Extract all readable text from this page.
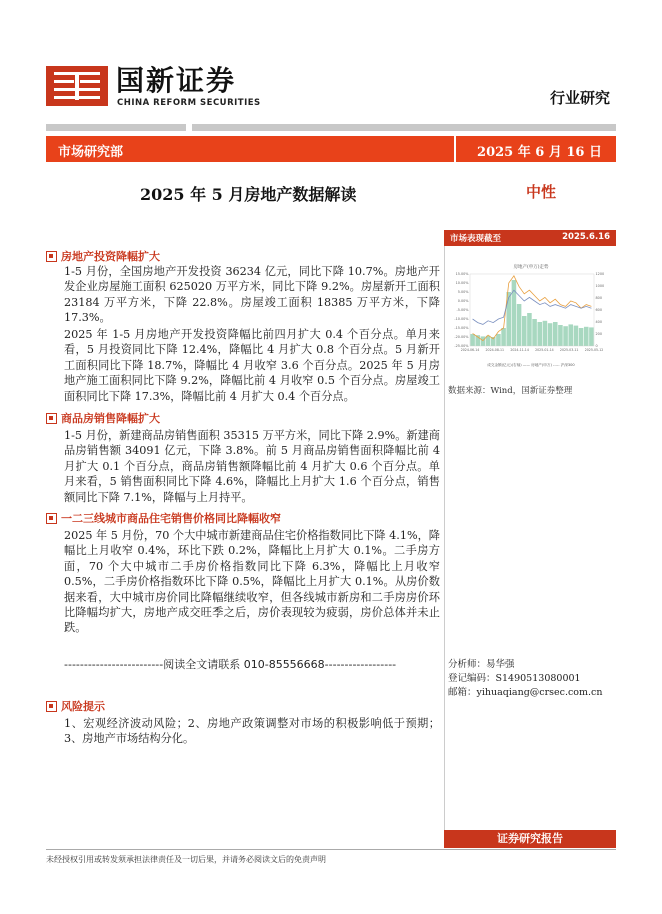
国新证券
CHINA REFORM SECURITIES	行业研究
市场研究部	2025 年 6 月 16 日
2025 年 5 月房地产数据解读	中性
房地产投资降幅扩大
1-5 月份，全国房地产开发投资 36234 亿元，同比下降 10.7%。房地产开发企业房屋施工面积 625020 万平方米，同比下降 9.2%。房屋新开工面积 23184 万平方米，下降 22.8%。房屋竣工面积 18385 万平方米，下降 17.3%。
2025 年 1-5 月房地产开发投资降幅比前四月扩大 0.4 个百分点。单月来看，5 月投资同比下降 12.4%，降幅比 4 月扩大 0.8 个百分点。5 月新开工面积同比下降 18.7%，降幅比 4 月收窄 3.6 个百分点。2025 年 5 月房地产施工面积同比下降 9.2%，降幅比前 4 月收窄 0.5 个百分点。房屋竣工面积同比下降 17.3%，降幅比前 4 月扩大 0.4 个百分点。
商品房销售降幅扩大
1-5 月份，新建商品房销售面积 35315 万平方米，同比下降 2.9%。新建商品房销售额 34091 亿元，下降 3.8%。前 5 月商品房销售面积降幅比前 4 月扩大 0.1 个百分点，商品房销售额降幅比前 4 月扩大 0.6 个百分点。单月来看，5 销售面积同比下降 4.6%，降幅比上月扩大 1.6 个百分点，销售额同比下降 7.1%，降幅与上月持平。
一二三线城市商品住宅销售价格同比降幅收窄
2025 年 5 月份，70 个大中城市新建商品住宅价格指数同比下降 4.1%，降幅比上月收窄 0.4%，环比下跌 0.2%，降幅比上月扩大 0.1%。二手房方面，70 个大中城市二手房价格指数同比下降 6.3%，降幅比上月收窄 0.5%，二手房价格指数环比下降 0.5%，降幅比上月扩大 0.1%。从房价数据来看，大中城市房价同比降幅继续收窄，但各线城市新房和二手房房价环比降幅均扩大，房地产成交旺季之后，房价表现较为疲弱，房价总体并未止跌。
-------------------------阅读全文请联系 010-85556668------------------
风险提示
1、宏观经济波动风险；2、房地产政策调整对市场的积极影响低于预期；3、房地产市场结构分化。
市场表现截至	2025.6.16
房地产(申万)走势
15.00%
10.00%
5.00%
0.00%
-5.00%
-10.00%
-15.00%
-20.00%
-25.00%
1200
1000
800
600
400
200
0
2024-06-14 2024-08-11 2024-11-14 2025-01-14 2025-03-11 2025-05-12
成交金额(亿元)(右轴) —— 房地产(申万) ----- 沪深300
数据来源：Wind，国新证券整理
分析师：易华强
登记编码：S1490513080001
邮箱：yihuaqiang@crsec.com.cn
证券研究报告
未经授权引用或转发须承担法律责任及一切后果，并请务必阅读文后的免责声明
